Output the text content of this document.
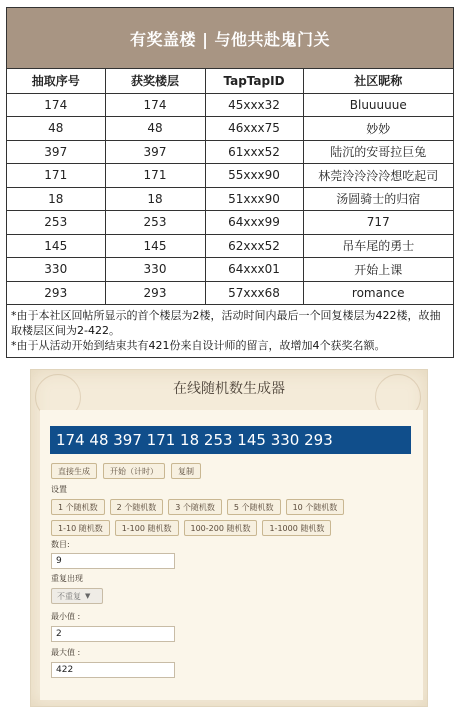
有奖盖楼 | 与他共赴鬼门关
抽取序号	获奖楼层	TapTapID	社区昵称
174	174	45xxx32	Bluuuuue
48	48	46xxx75	妙妙
397	397	61xxx52	陆沉的安哥拉巨兔
171	171	55xxx90	林莞泠泠泠泠想吃起司
18	18	51xxx90	汤圆骑士的归宿
253	253	64xxx99	717
145	145	62xxx52	吊车尾的勇士
330	330	64xxx01	开始上课
293	293	57xxx68	romance
*由于本社区回帖所显示的首个楼层为2楼，活动时间内最后一个回复楼层为422楼，故抽取楼层区间为2-422。
*由于从活动开始到结束共有421份来自设计师的留言，故增加4个获奖名额。
在线随机数生成器
174 48 397 171 18 253 145 330 293
直接生成	开始（计时）	复制
设置
1 个随机数	2 个随机数	3 个随机数	5 个随机数	10 个随机数
1-10 随机数	1-100 随机数	100-200 随机数	1-1000 随机数
数目:
9
重复出现
不重复 ▼
最小值 :
2
最大值 :
422
